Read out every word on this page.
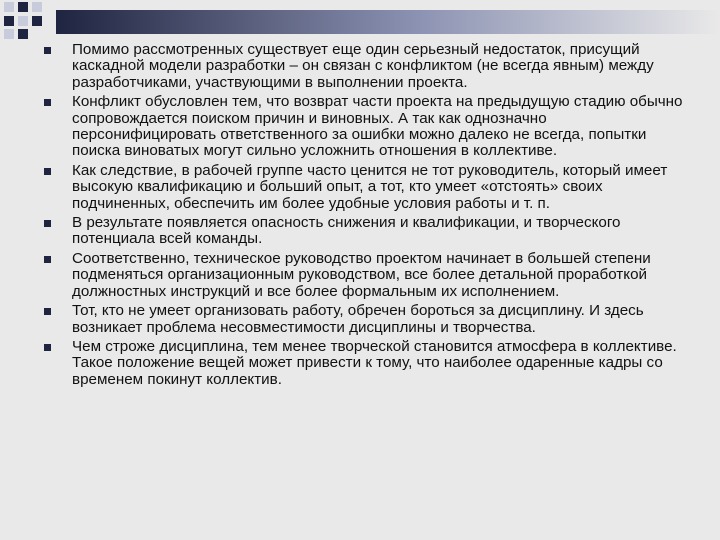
Помимо рассмотренных существует еще один серьезный недостаток, присущий каскадной модели разработки – он связан с конфликтом (не всегда явным) между разработчиками, участвующими в выполнении проекта.
Конфликт обусловлен тем, что возврат части проекта на предыдущую стадию обычно сопровождается поиском причин и виновных. А так как однозначно персонифицировать ответственного за ошибки можно далеко не всегда, попытки поиска виноватых могут сильно усложнить отношения в коллективе.
Как следствие, в рабочей группе часто ценится не тот руководитель, который имеет высокую квалификацию и больший опыт, а тот, кто умеет «отстоять» своих подчиненных, обеспечить им более удобные условия работы и т. п.
В результате появляется опасность снижения и квалификации, и творческого потенциала всей команды.
Соответственно, техническое руководство проектом начинает в большей степени подменяться организационным руководством, все более детальной проработкой должностных инструкций и все более формальным их исполнением.
Тот, кто не умеет организовать работу, обречен бороться за дисциплину. И здесь возникает проблема несовместимости дисциплины и творчества.
Чем строже дисциплина, тем менее творческой становится атмосфера в коллективе. Такое положение вещей может привести к тому, что наиболее одаренные кадры со временем покинут коллектив.
